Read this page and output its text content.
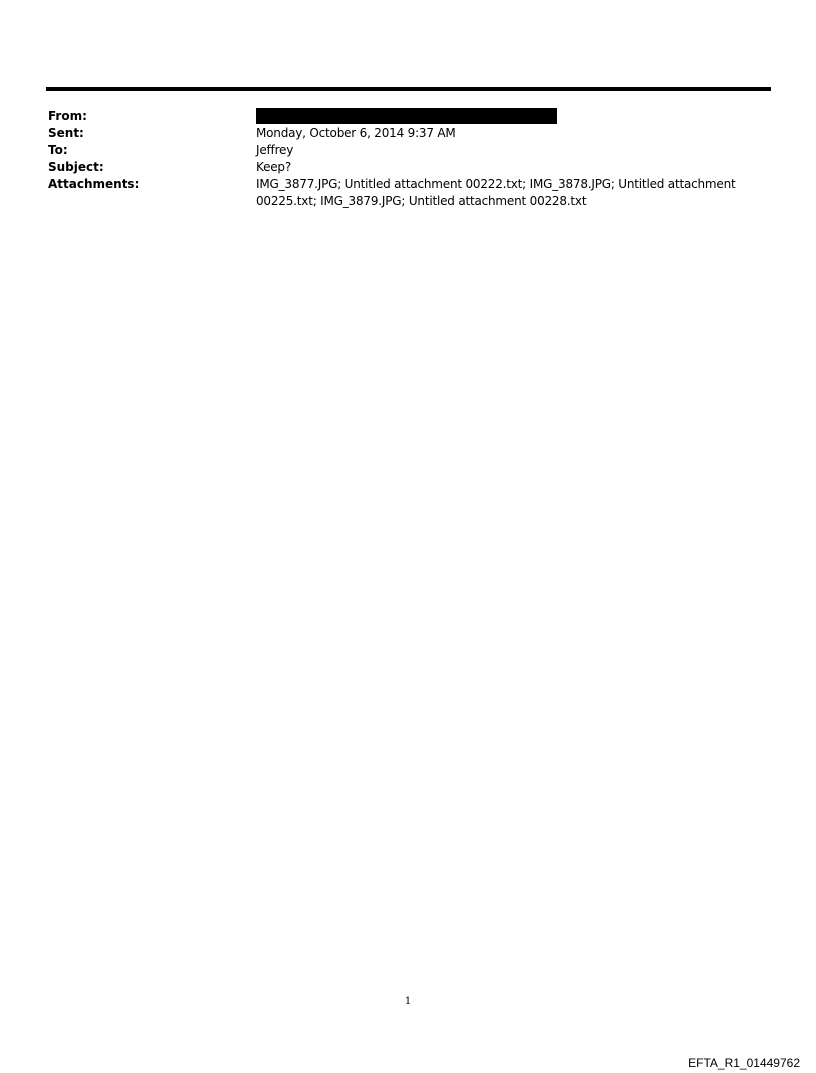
From:
Sent:	Monday, October 6, 2014 9:37 AM
To:	Jeffrey
Subject:	Keep?
Attachments:	IMG_3877.JPG; Untitled attachment 00222.txt; IMG_3878.JPG; Untitled attachment 00225.txt; IMG_3879.JPG; Untitled attachment 00228.txt
1
EFTA_R1_01449762
